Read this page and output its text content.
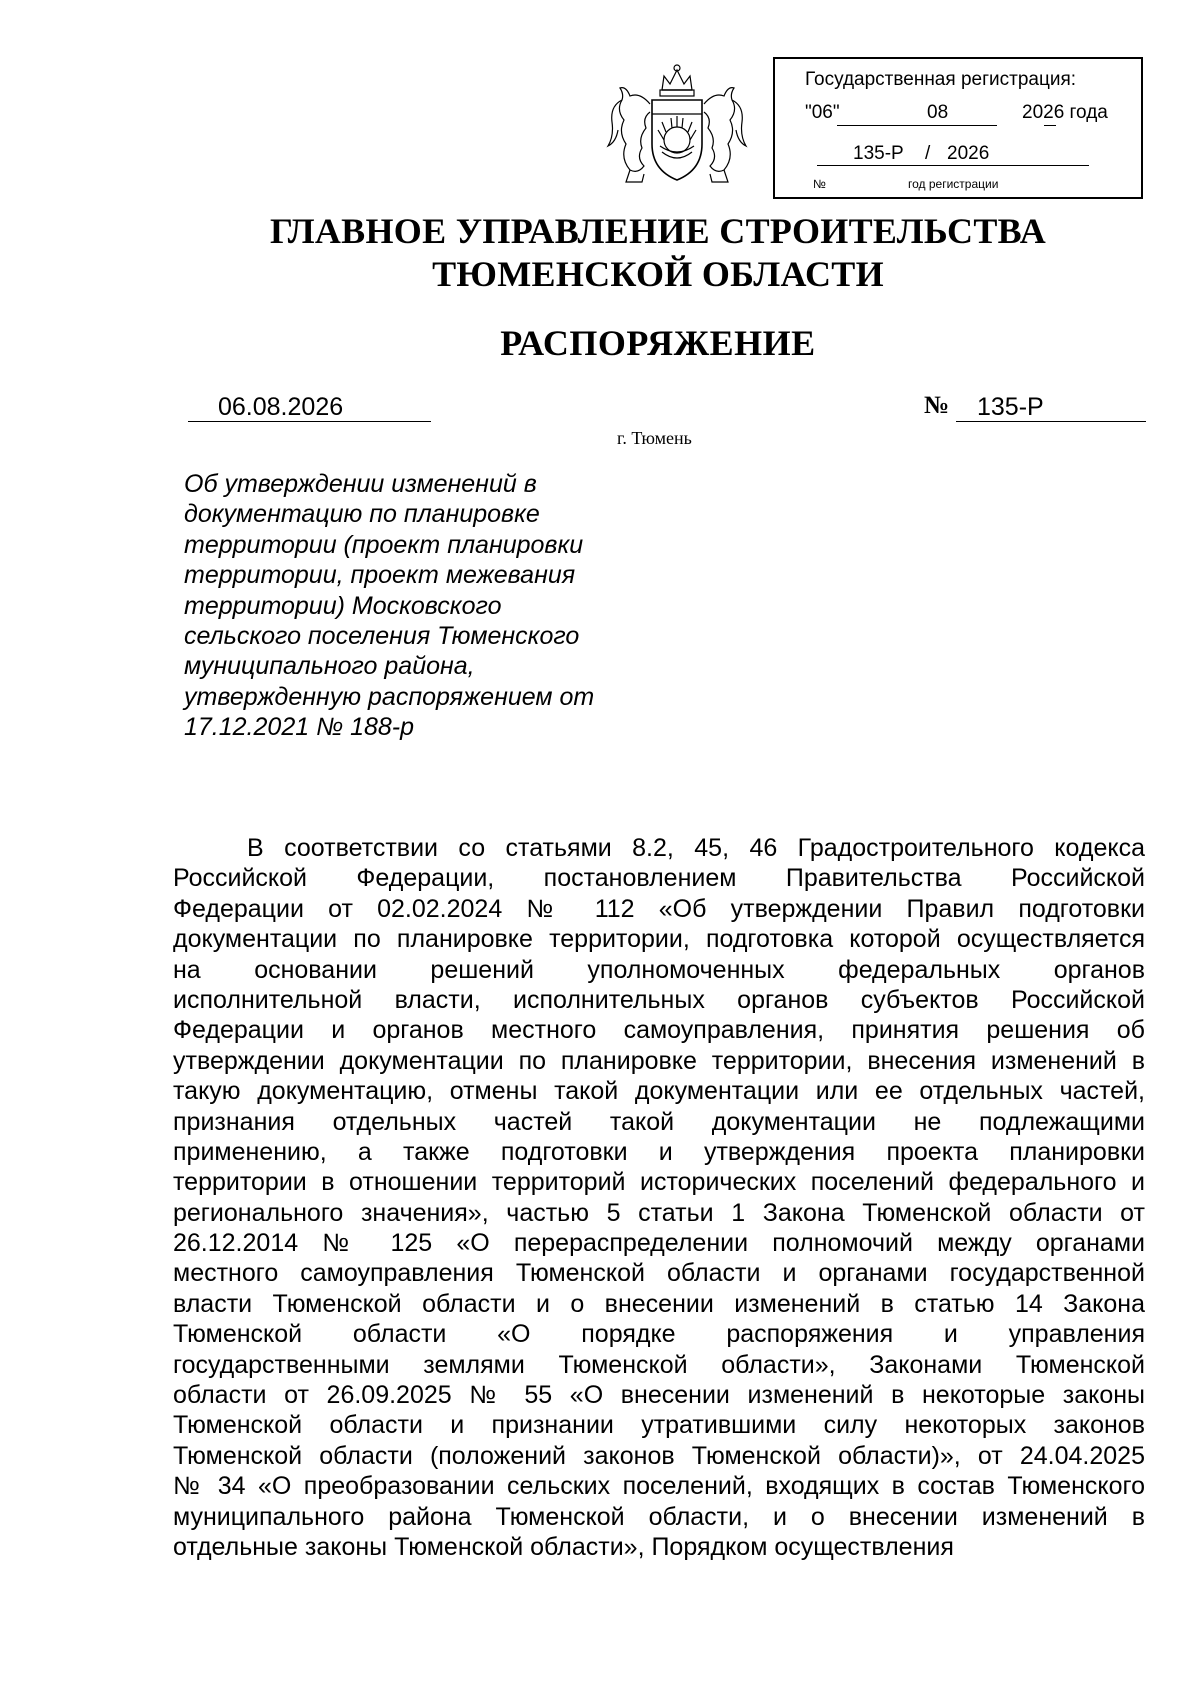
Государственная регистрация:
"06"	08	2026 года
135-Р / 2026
№	год регистрации
ГЛАВНОЕ УПРАВЛЕНИЕ СТРОИТЕЛЬСТВА
ТЮМЕНСКОЙ ОБЛАСТИ
РАСПОРЯЖЕНИЕ
06.08.2026	№ 135-Р
г. Тюмень
Об утверждении изменений в
документацию по планировке
территории (проект планировки
территории, проект межевания
территории) Московского
сельского поселения Тюменского
муниципального района,
утвержденную распоряжением от
17.12.2021 № 188-р
В соответствии со статьями 8.2, 45, 46 Градостроительного кодекса
Российской Федерации, постановлением Правительства Российской
Федерации от 02.02.2024 № 112 «Об утверждении Правил подготовки
документации по планировке территории, подготовка которой осуществляется
на основании решений уполномоченных федеральных органов
исполнительной власти, исполнительных органов субъектов Российской
Федерации и органов местного самоуправления, принятия решения об
утверждении документации по планировке территории, внесения изменений в
такую документацию, отмены такой документации или ее отдельных частей,
признания отдельных частей такой документации не подлежащими
применению, а также подготовки и утверждения проекта планировки
территории в отношении территорий исторических поселений федерального и
регионального значения», частью 5 статьи 1 Закона Тюменской области от
26.12.2014 № 125 «О перераспределении полномочий между органами
местного самоуправления Тюменской области и органами государственной
власти Тюменской области и о внесении изменений в статью 14 Закона
Тюменской области «О порядке распоряжения и управления
государственными землями Тюменской области», Законами Тюменской
области от 26.09.2025 № 55 «О внесении изменений в некоторые законы
Тюменской области и признании утратившими силу некоторых законов
Тюменской области (положений законов Тюменской области)», от 24.04.2025
№ 34 «О преобразовании сельских поселений, входящих в состав Тюменского
муниципального района Тюменской области, и о внесении изменений в
отдельные законы Тюменской области», Порядком осуществления
